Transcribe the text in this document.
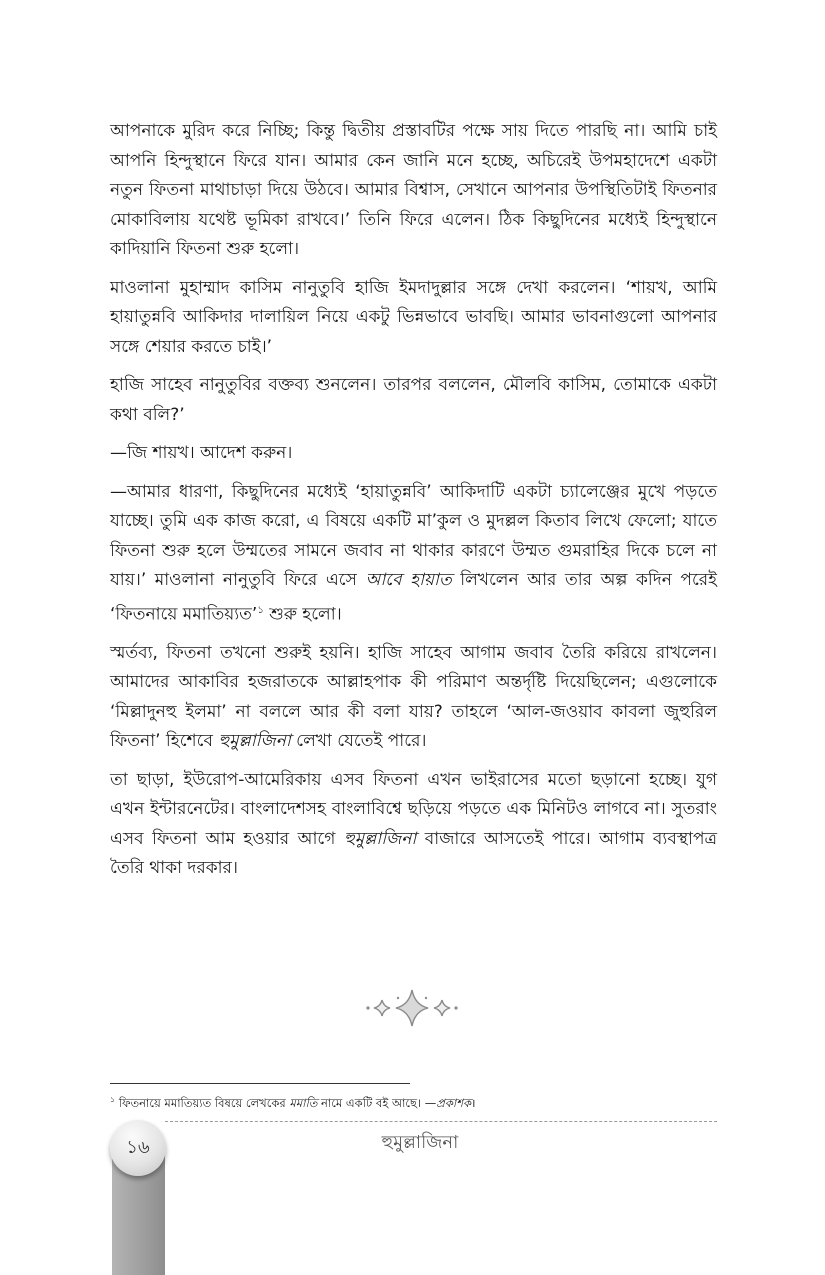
আপনাকে মুরিদ করে নিচ্ছি; কিন্তু দ্বিতীয় প্রস্তাবটির পক্ষে সায় দিতে পারছি না। আমি চাই আপনি হিন্দুস্থানে ফিরে যান। আমার কেন জানি মনে হচ্ছে, অচিরেই উপমহাদেশে একটা নতুন ফিতনা মাথাচাড়া দিয়ে উঠবে। আমার বিশ্বাস, সেখানে আপনার উপস্থিতিটাই ফিতনার মোকাবিলায় যথেষ্ট ভূমিকা রাখবে।’ তিনি ফিরে এলেন। ঠিক কিছুদিনের মধ্যেই হিন্দুস্থানে কাদিয়ানি ফিতনা শুরু হলো।

মাওলানা মুহাম্মাদ কাসিম নানুতুবি হাজি ইমদাদুল্লার সঙ্গে দেখা করলেন। ‘শায়খ, আমি হায়াতুন্নবি আকিদার দালায়িল নিয়ে একটু ভিন্নভাবে ভাবছি। আমার ভাবনাগুলো আপনার সঙ্গে শেয়ার করতে চাই।’

হাজি সাহেব নানুতুবির বক্তব্য শুনলেন। তারপর বললেন, মৌলবি কাসিম, তোমাকে একটা কথা বলি?’

—জি শায়খ। আদেশ করুন।

—আমার ধারণা, কিছুদিনের মধ্যেই ‘হায়াতুন্নবি’ আকিদাটি একটা চ্যালেঞ্জের মুখে পড়তে যাচ্ছে। তুমি এক কাজ করো, এ বিষয়ে একটি মা’কুল ও মুদল্লল কিতাব লিখে ফেলো; যাতে ফিতনা শুরু হলে উম্মতের সামনে জবাব না থাকার কারণে উম্মত গুমরাহির দিকে চলে না যায়।’ মাওলানা নানুতুবি ফিরে এসে আবে হায়াত লিখলেন আর তার অল্প কদিন পরেই ‘ফিতনায়ে মমাতিয়্যত’$^১$ শুরু হলো।

স্মর্তব্য, ফিতনা তখনো শুরুই হয়নি। হাজি সাহেব আগাম জবাব তৈরি করিয়ে রাখলেন। আমাদের আকাবির হজরাতকে আল্লাহপাক কী পরিমাণ অন্তর্দৃষ্টি দিয়েছিলেন; এগুলোকে ‘মিল্লাদুনহু ইলমা’ না বললে আর কী বলা যায়? তাহলে ‘আল-জওয়াব কাবলা জুহুরিল ফিতনা’ হিশেবে হুমুল্লাজিনা লেখা যেতেই পারে।

তা ছাড়া, ইউরোপ-আমেরিকায় এসব ফিতনা এখন ভাইরাসের মতো ছড়ানো হচ্ছে। যুগ এখন ইন্টারনেটের। বাংলাদেশসহ বাংলাবিশ্বে ছড়িয়ে পড়তে এক মিনিটও লাগবে না। সুতরাং এসব ফিতনা আম হওয়ার আগে হুমুল্লাজিনা বাজারে আসতেই পারে। আগাম ব্যবস্থাপত্র তৈরি থাকা দরকার।

$^১$ ফিতনায়ে মমাতিয়্যত বিষয়ে লেখকের মমাতি নামে একটি বই আছে। —প্রকাশক।
১৬	হুমুল্লাজিনা
